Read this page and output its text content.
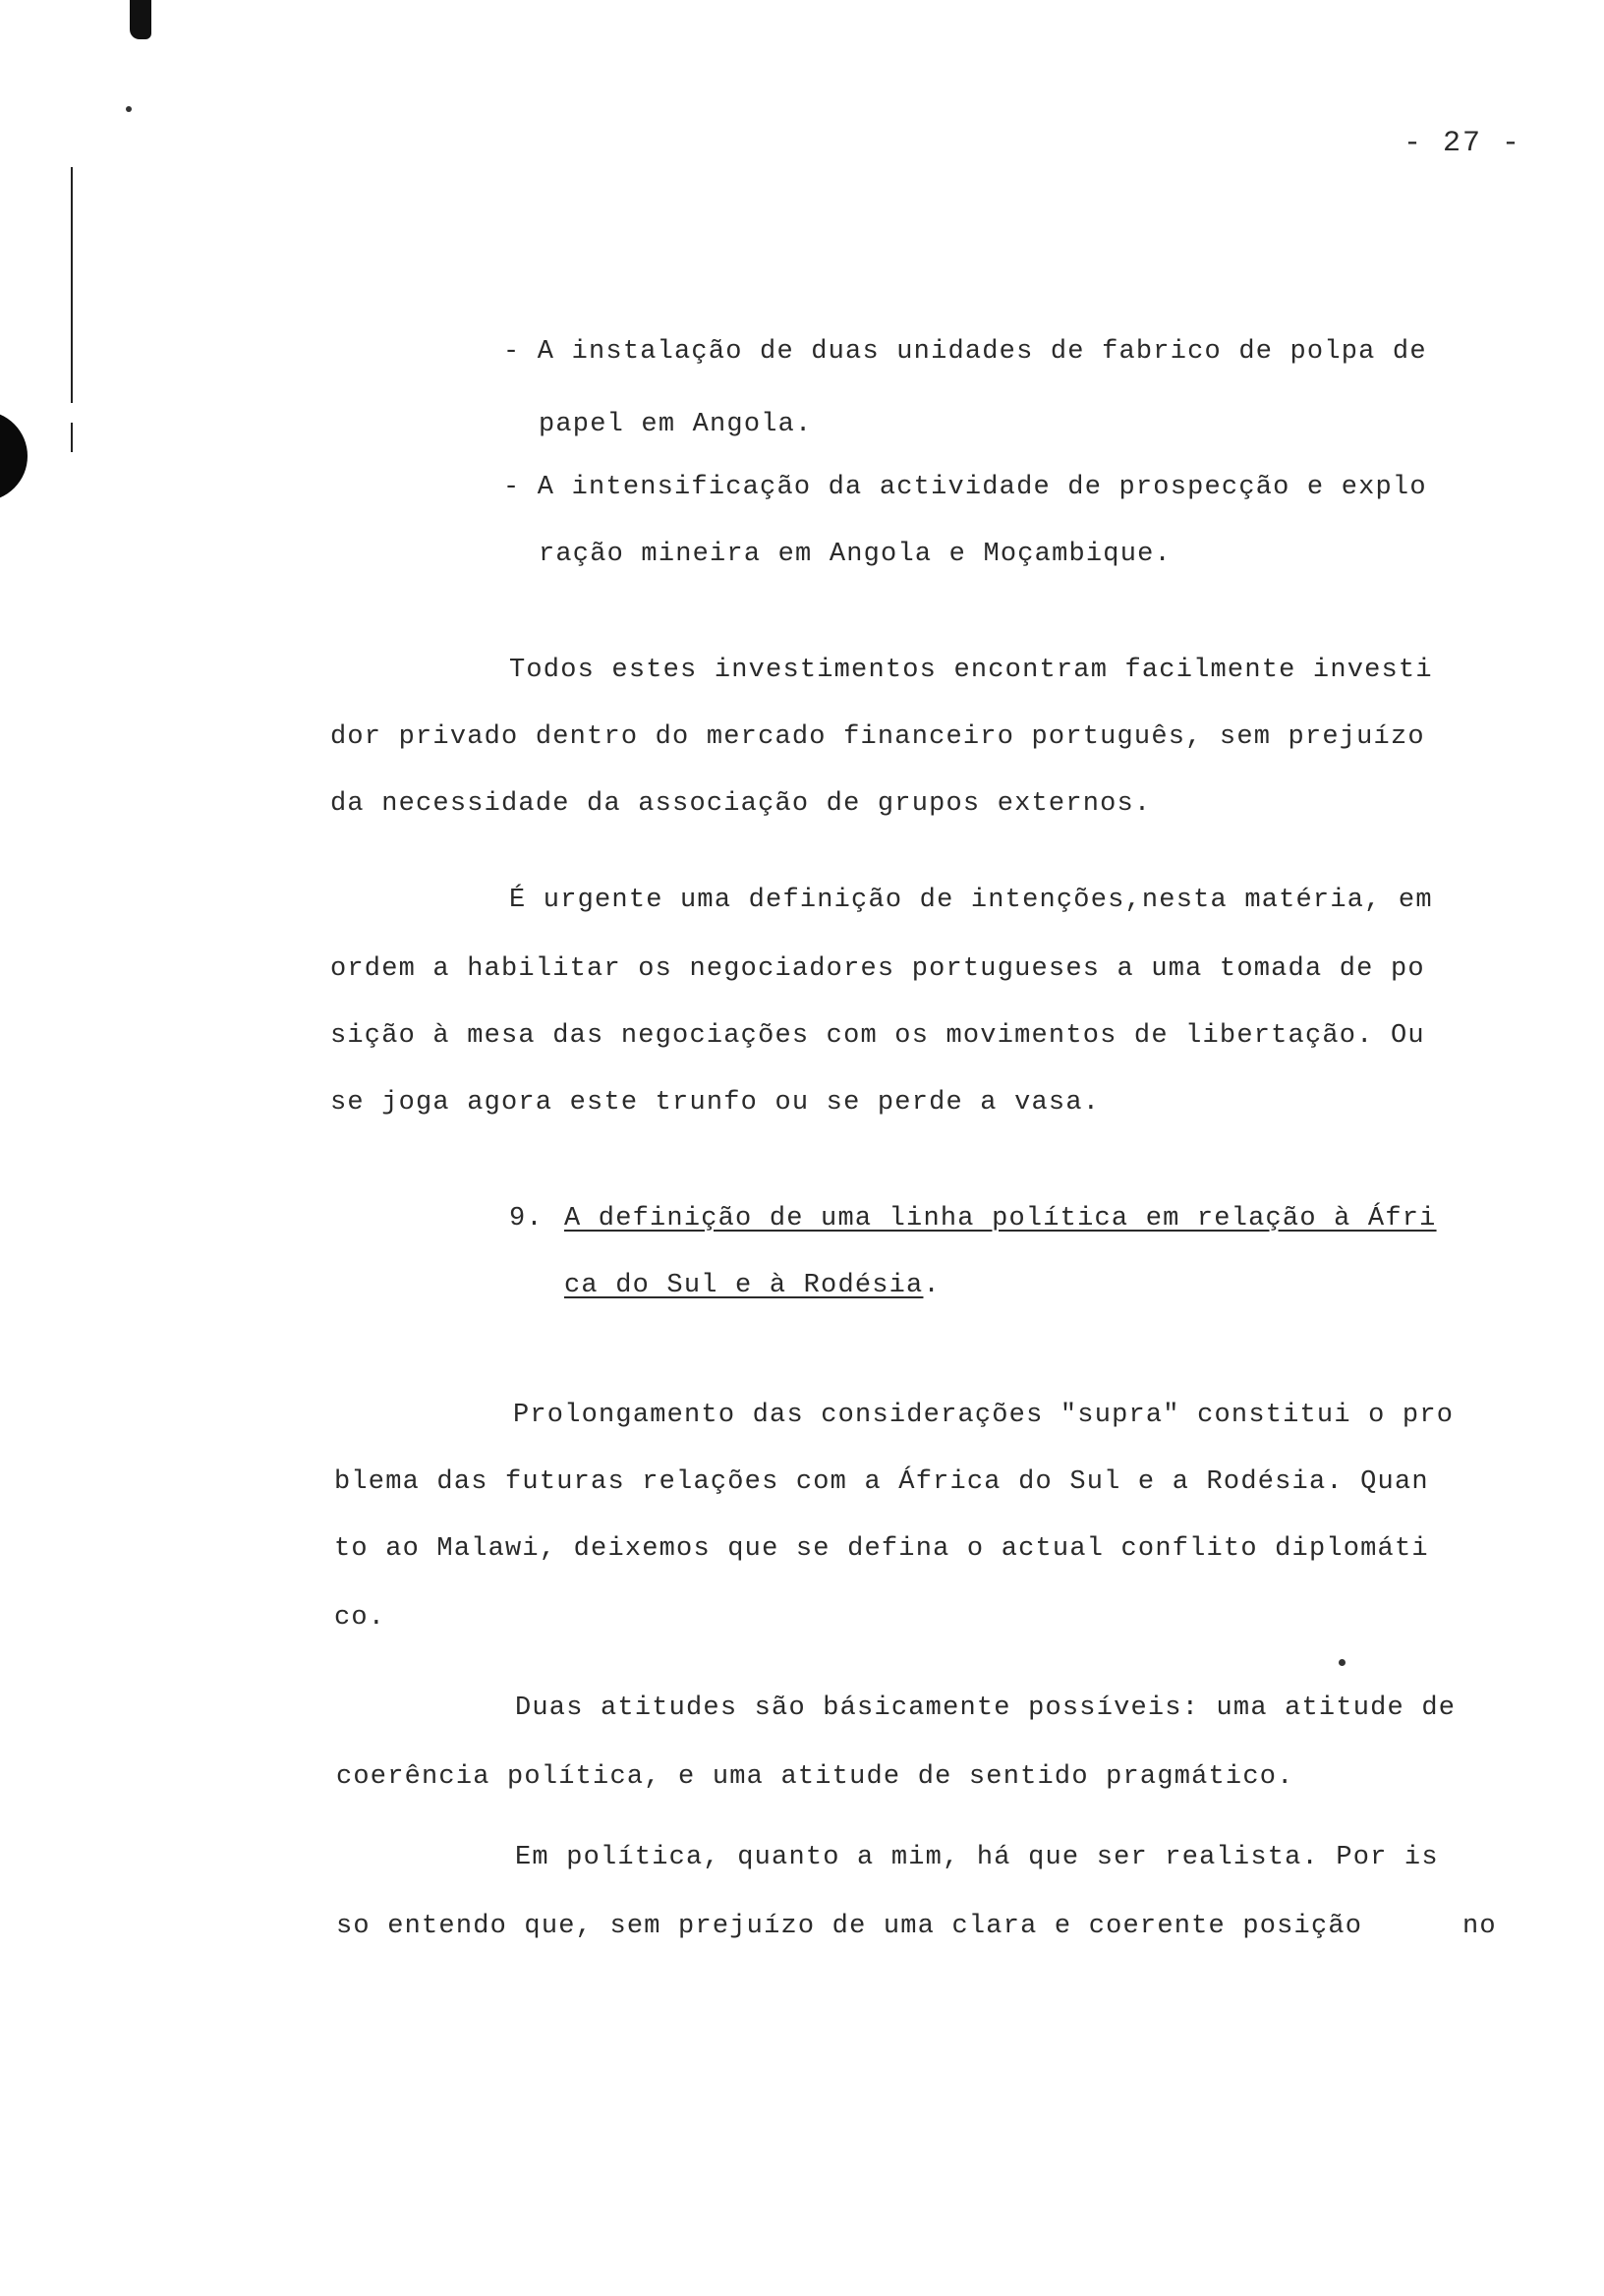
- 27 -
- A instalação de duas unidades de fabrico de polpa de
papel em Angola.
- A intensificação da actividade de prospecção e explo
ração mineira em Angola e Moçambique.
Todos estes investimentos encontram facilmente investi
dor privado dentro do mercado financeiro português, sem prejuízo
da necessidade da associação de grupos externos.
É urgente uma definição de intenções,nesta matéria, em
ordem a habilitar os negociadores portugueses a uma tomada de po
sição à mesa das negociações com os movimentos de libertação. Ou
se joga agora este trunfo ou se perde a vasa.
9. A definição de uma linha política em relação à Áfri
ca do Sul e à Rodésia.
Prolongamento das considerações "supra" constitui o pro
blema das futuras relações com a África do Sul e a Rodésia. Quan
to ao Malawi, deixemos que se defina o actual conflito diplomáti
co.
Duas atitudes são básicamente possíveis: uma atitude de
coerência política, e uma atitude de sentido pragmático.
Em política, quanto a mim, há que ser realista. Por is
so entendo que, sem prejuízo de uma clara e coerente posição	no
